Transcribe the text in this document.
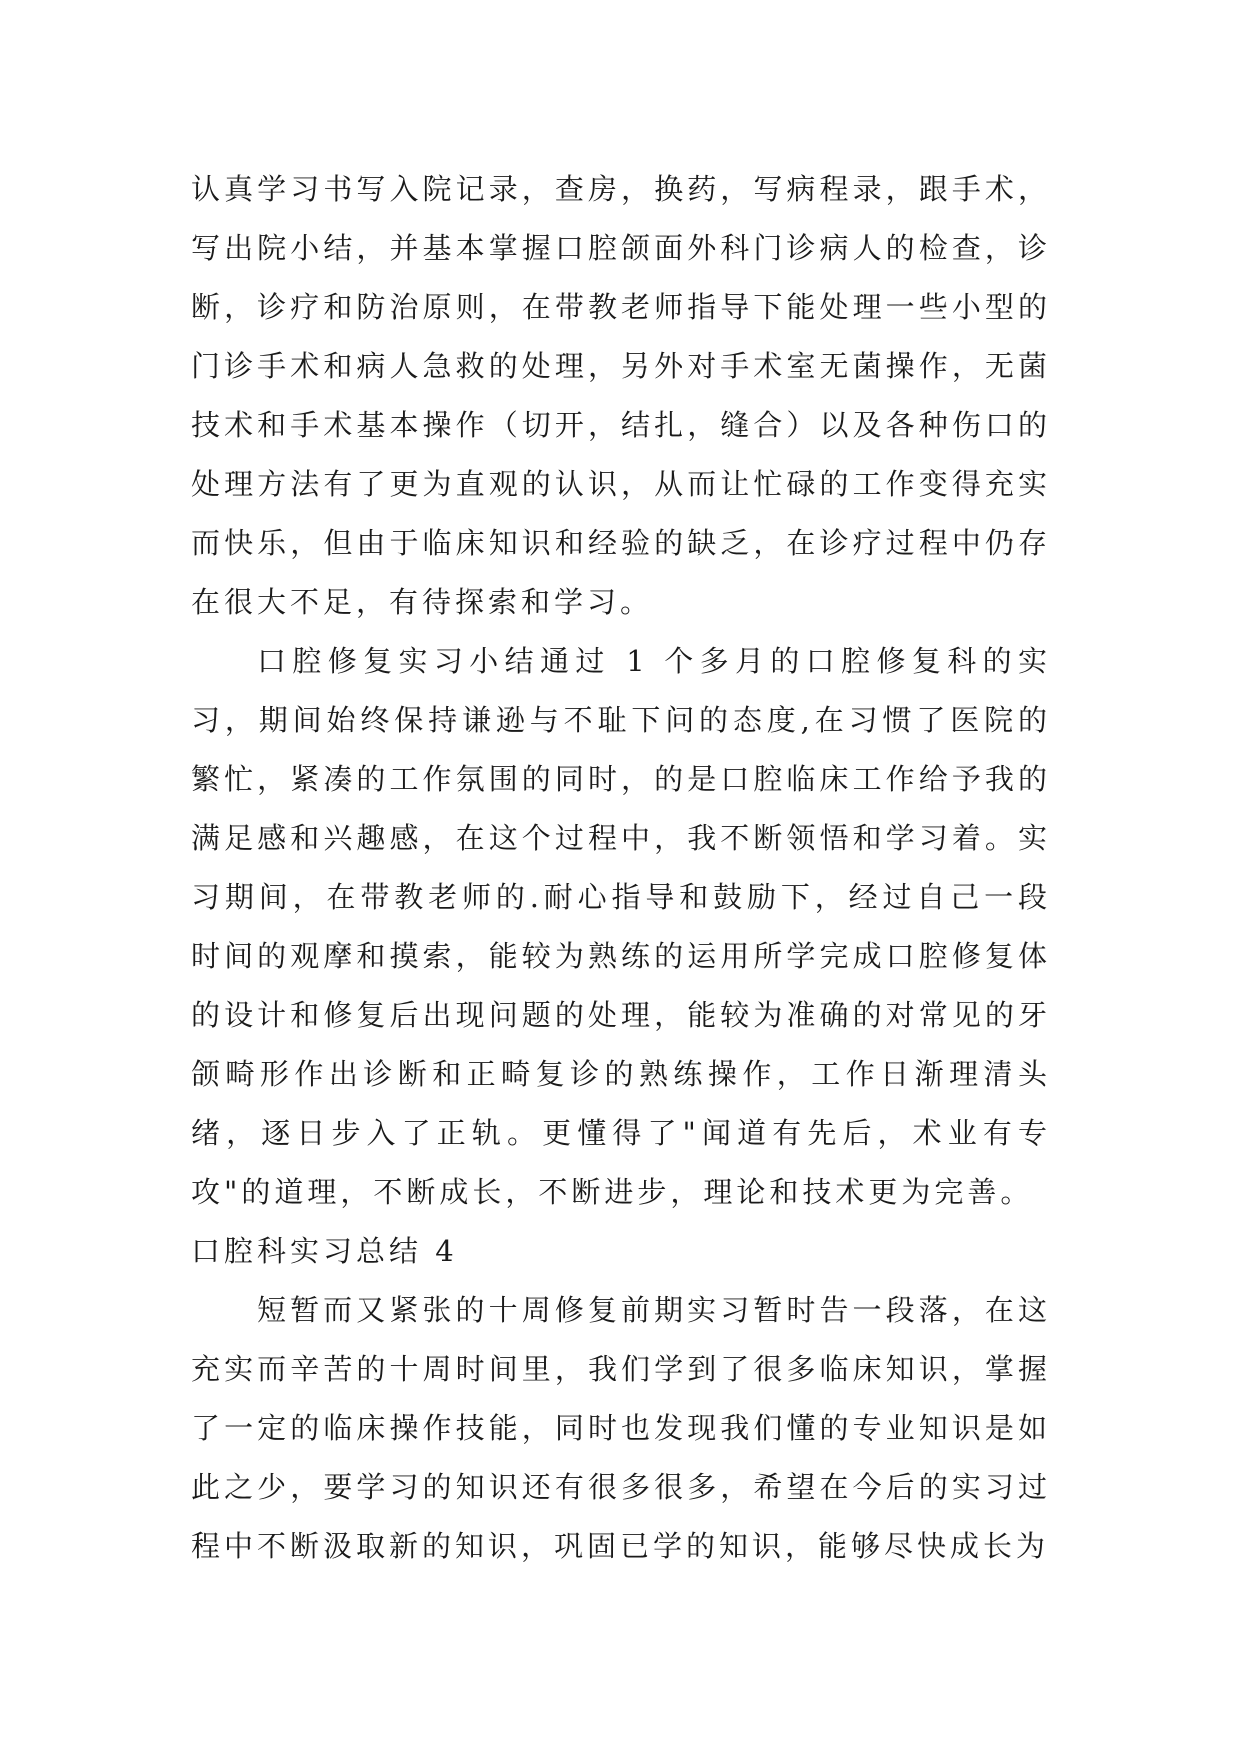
认真学习书写入院记录，查房，换药，写病程录，跟手术，写出院小结，并基本掌握口腔颌面外科门诊病人的检查，诊断，诊疗和防治原则，在带教老师指导下能处理一些小型的门诊手术和病人急救的处理，另外对手术室无菌操作，无菌技术和手术基本操作（切开，结扎，缝合）以及各种伤口的处理方法有了更为直观的认识，从而让忙碌的工作变得充实而快乐，但由于临床知识和经验的缺乏，在诊疗过程中仍存在很大不足，有待探索和学习。

口腔修复实习小结通过 1 个多月的口腔修复科的实习，期间始终保持谦逊与不耻下问的态度,在习惯了医院的繁忙，紧凑的工作氛围的同时，的是口腔临床工作给予我的满足感和兴趣感，在这个过程中，我不断领悟和学习着。实习期间，在带教老师的.耐心指导和鼓励下，经过自己一段时间的观摩和摸索，能较为熟练的运用所学完成口腔修复体的设计和修复后出现问题的处理，能较为准确的对常见的牙颌畸形作出诊断和正畸复诊的熟练操作，工作日渐理清头绪，逐日步入了正轨。更懂得了"闻道有先后，术业有专攻"的道理，不断成长，不断进步，理论和技术更为完善。

口腔科实习总结 4

短暂而又紧张的十周修复前期实习暂时告一段落，在这充实而辛苦的十周时间里，我们学到了很多临床知识，掌握了一定的临床操作技能，同时也发现我们懂的专业知识是如此之少，要学习的知识还有很多很多，希望在今后的实习过程中不断汲取新的知识，巩固已学的知识，能够尽快成长为
